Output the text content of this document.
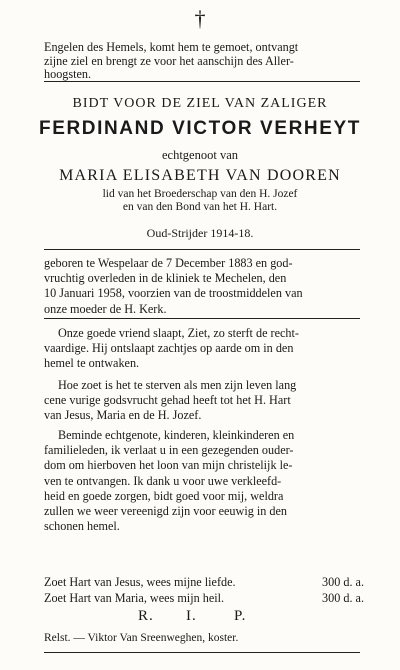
†
Engelen des Hemels, komt hem te gemoet, ontvangt
zijne ziel en brengt ze voor het aanschijn des Aller-
hoogsten.
BIDT VOOR DE ZIEL VAN ZALIGER
FERDINAND VICTOR VERHEYT
echtgenoot van
MARIA ELISABETH VAN DOOREN
lid van het Broederschap van den H. Jozef
en van den Bond van het H. Hart.
Oud-Strijder 1914-18.
geboren te Wespelaar de 7 December 1883 en god-
vruchtig overleden in de kliniek te Mechelen, den
10 Januari 1958, voorzien van de troostmiddelen van
onze moeder de H. Kerk.
Onze goede vriend slaapt, Ziet, zo sterft de recht-
vaardige. Hij ontslaapt zachtjes op aarde om in den
hemel te ontwaken.
Hoe zoet is het te sterven als men zijn leven lang
cene vurige godsvrucht gehad heeft tot het H. Hart
van Jesus, Maria en de H. Jozef.
Beminde echtgenote, kinderen, kleinkinderen en
familieleden, ik verlaat u in een gezegenden ouder-
dom om hierboven het loon van mijn christelijk le-
ven te ontvangen. Ik dank u voor uwe verkleefd-
heid en goede zorgen, bidt goed voor mij, weldra
zullen we weer vereenigd zijn voor eeuwig in den
schonen hemel.
Zoet Hart van Jesus, wees mijne liefde.	300 d. a.
Zoet Hart van Maria, wees mijn heil.	300 d. a.
R. I. P.
Relst. — Viktor Van Sreenweghen, koster.
